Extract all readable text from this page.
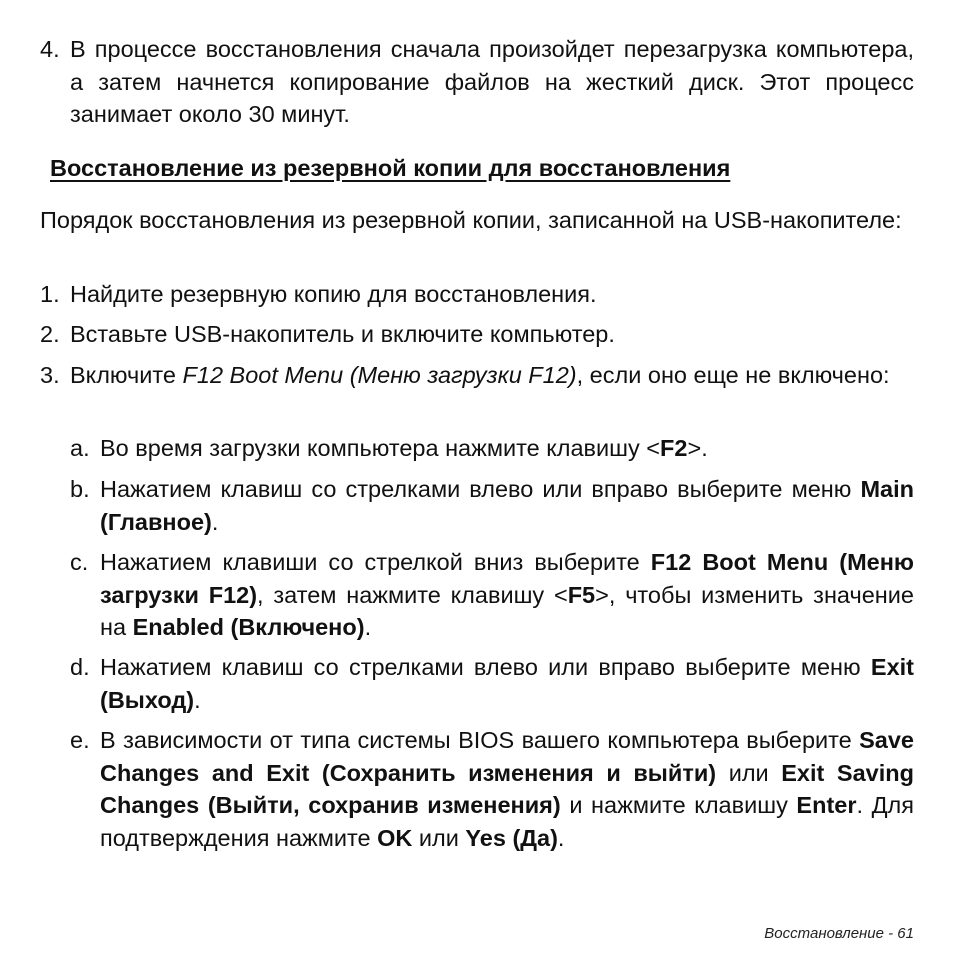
4. В процессе восстановления сначала произойдет перезагрузка компьютера, а затем начнется копирование файлов на жесткий диск. Этот процесс занимает около 30 минут.
Восстановление из резервной копии для восстановления
Порядок восстановления из резервной копии, записанной на USB-накопителе:
1. Найдите резервную копию для восстановления.
2. Вставьте USB-накопитель и включите компьютер.
3. Включите F12 Boot Menu (Меню загрузки F12), если оно еще не включено:
a. Во время загрузки компьютера нажмите клавишу <F2>.
b. Нажатием клавиш со стрелками влево или вправо выберите меню Main (Главное).
c. Нажатием клавиши со стрелкой вниз выберите F12 Boot Menu (Меню загрузки F12), затем нажмите клавишу <F5>, чтобы изменить значение на Enabled (Включено).
d. Нажатием клавиш со стрелками влево или вправо выберите меню Exit (Выход).
e. В зависимости от типа системы BIOS вашего компьютера выберите Save Changes and Exit (Сохранить изменения и выйти) или Exit Saving Changes (Выйти, сохранив изменения) и нажмите клавишу Enter. Для подтверждения нажмите OK или Yes (Да).
Восстановление - 61
